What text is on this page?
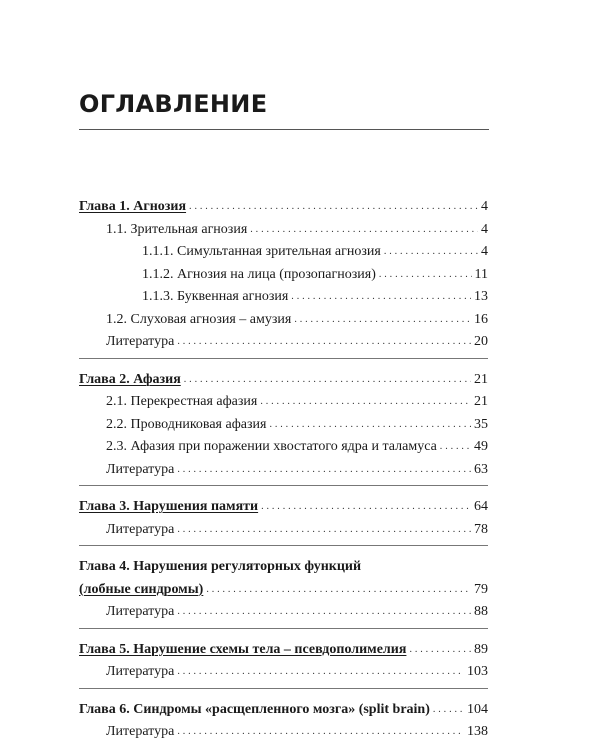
ОГЛАВЛЕНИЕ
Глава 1. Агнозия . . .	4
1.1. Зрительная агнозия . . .	4
1.1.1. Симультанная зрительная агнозия . . .	4
1.1.2. Агнозия на лица (прозопагнозия) . . .	11
1.1.3. Буквенная агнозия . . .	13
1.2. Слуховая агнозия – амузия . . .	16
Литература . . .	20
Глава 2. Афазия . . .	21
2.1. Перекрестная афазия . . .	21
2.2. Проводниковая афазия . . .	35
2.3. Афазия при поражении хвостатого ядра и таламуса . . .	49
Литература . . .	63
Глава 3. Нарушения памяти . . .	64
Литература . . .	78
Глава 4. Нарушения регуляторных функций
(лобные синдромы) . . .	79
Литература . . .	88
Глава 5. Нарушение схемы тела – псевдополимелия . . .	89
Литература . . .	103
Глава 6. Синдромы «расщепленного мозга» (split brain) . . .	104
Литература . . .	138
